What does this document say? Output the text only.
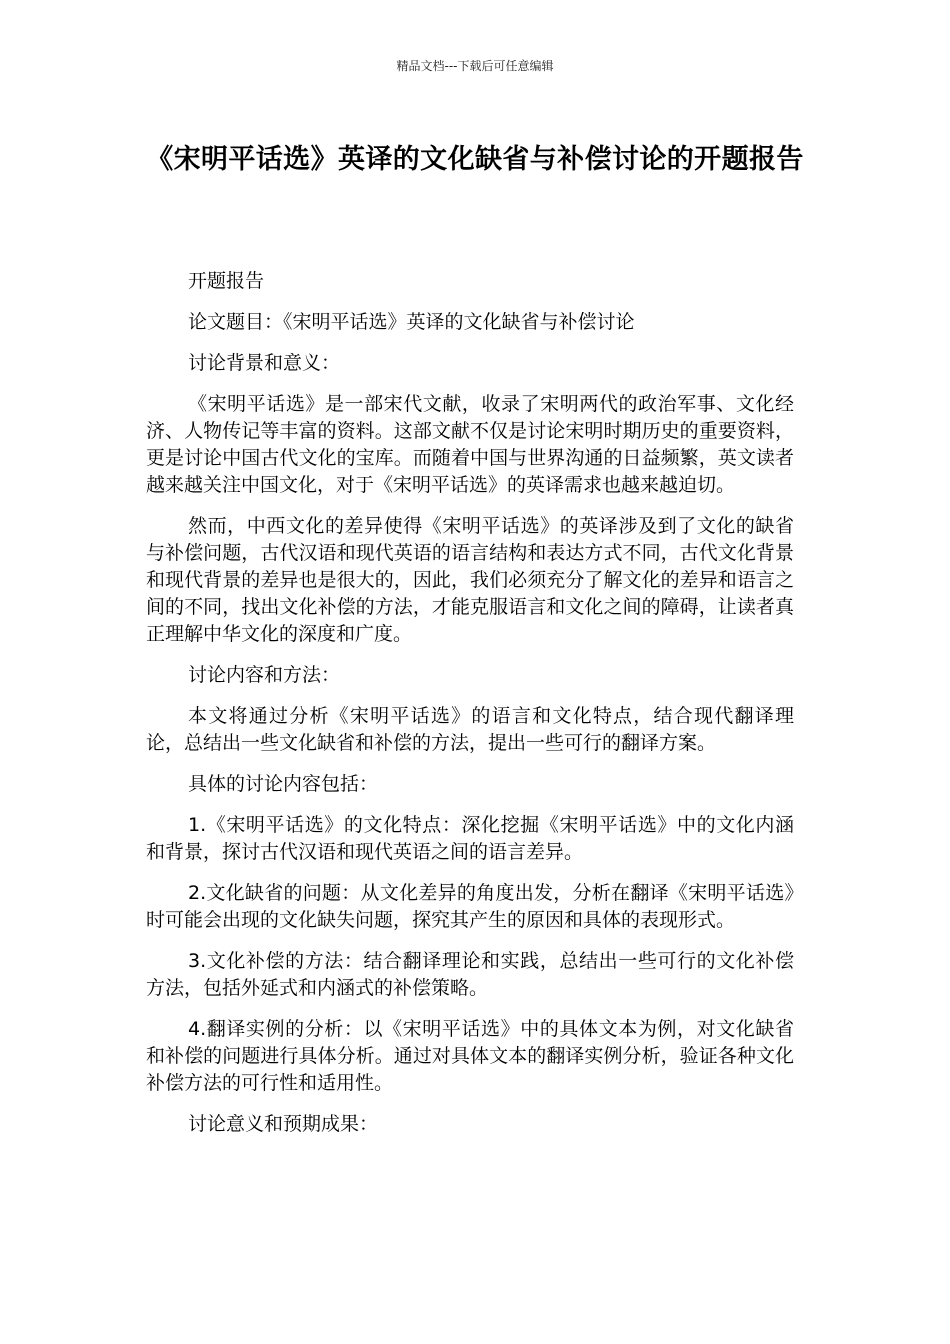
精品文档---下载后可任意编辑
《宋明平话选》英译的文化缺省与补偿讨论的开题报告

开题报告

论文题目：《宋明平话选》英译的文化缺省与补偿讨论

讨论背景和意义：

《宋明平话选》是一部宋代文献，收录了宋明两代的政治军事、文化经济、人物传记等丰富的资料。这部文献不仅是讨论宋明时期历史的重要资料，更是讨论中国古代文化的宝库。而随着中国与世界沟通的日益频繁，英文读者越来越关注中国文化，对于《宋明平话选》的英译需求也越来越迫切。

然而，中西文化的差异使得《宋明平话选》的英译涉及到了文化的缺省与补偿问题，古代汉语和现代英语的语言结构和表达方式不同，古代文化背景和现代背景的差异也是很大的，因此，我们必须充分了解文化的差异和语言之间的不同，找出文化补偿的方法，才能克服语言和文化之间的障碍，让读者真正理解中华文化的深度和广度。

讨论内容和方法：

本文将通过分析《宋明平话选》的语言和文化特点，结合现代翻译理论，总结出一些文化缺省和补偿的方法，提出一些可行的翻译方案。

具体的讨论内容包括：

1.《宋明平话选》的文化特点：深化挖掘《宋明平话选》中的文化内涵和背景，探讨古代汉语和现代英语之间的语言差异。

2.文化缺省的问题：从文化差异的角度出发，分析在翻译《宋明平话选》时可能会出现的文化缺失问题，探究其产生的原因和具体的表现形式。

3.文化补偿的方法：结合翻译理论和实践，总结出一些可行的文化补偿方法，包括外延式和内涵式的补偿策略。

4.翻译实例的分析：以《宋明平话选》中的具体文本为例，对文化缺省和补偿的问题进行具体分析。通过对具体文本的翻译实例分析，验证各种文化补偿方法的可行性和适用性。

讨论意义和预期成果：
